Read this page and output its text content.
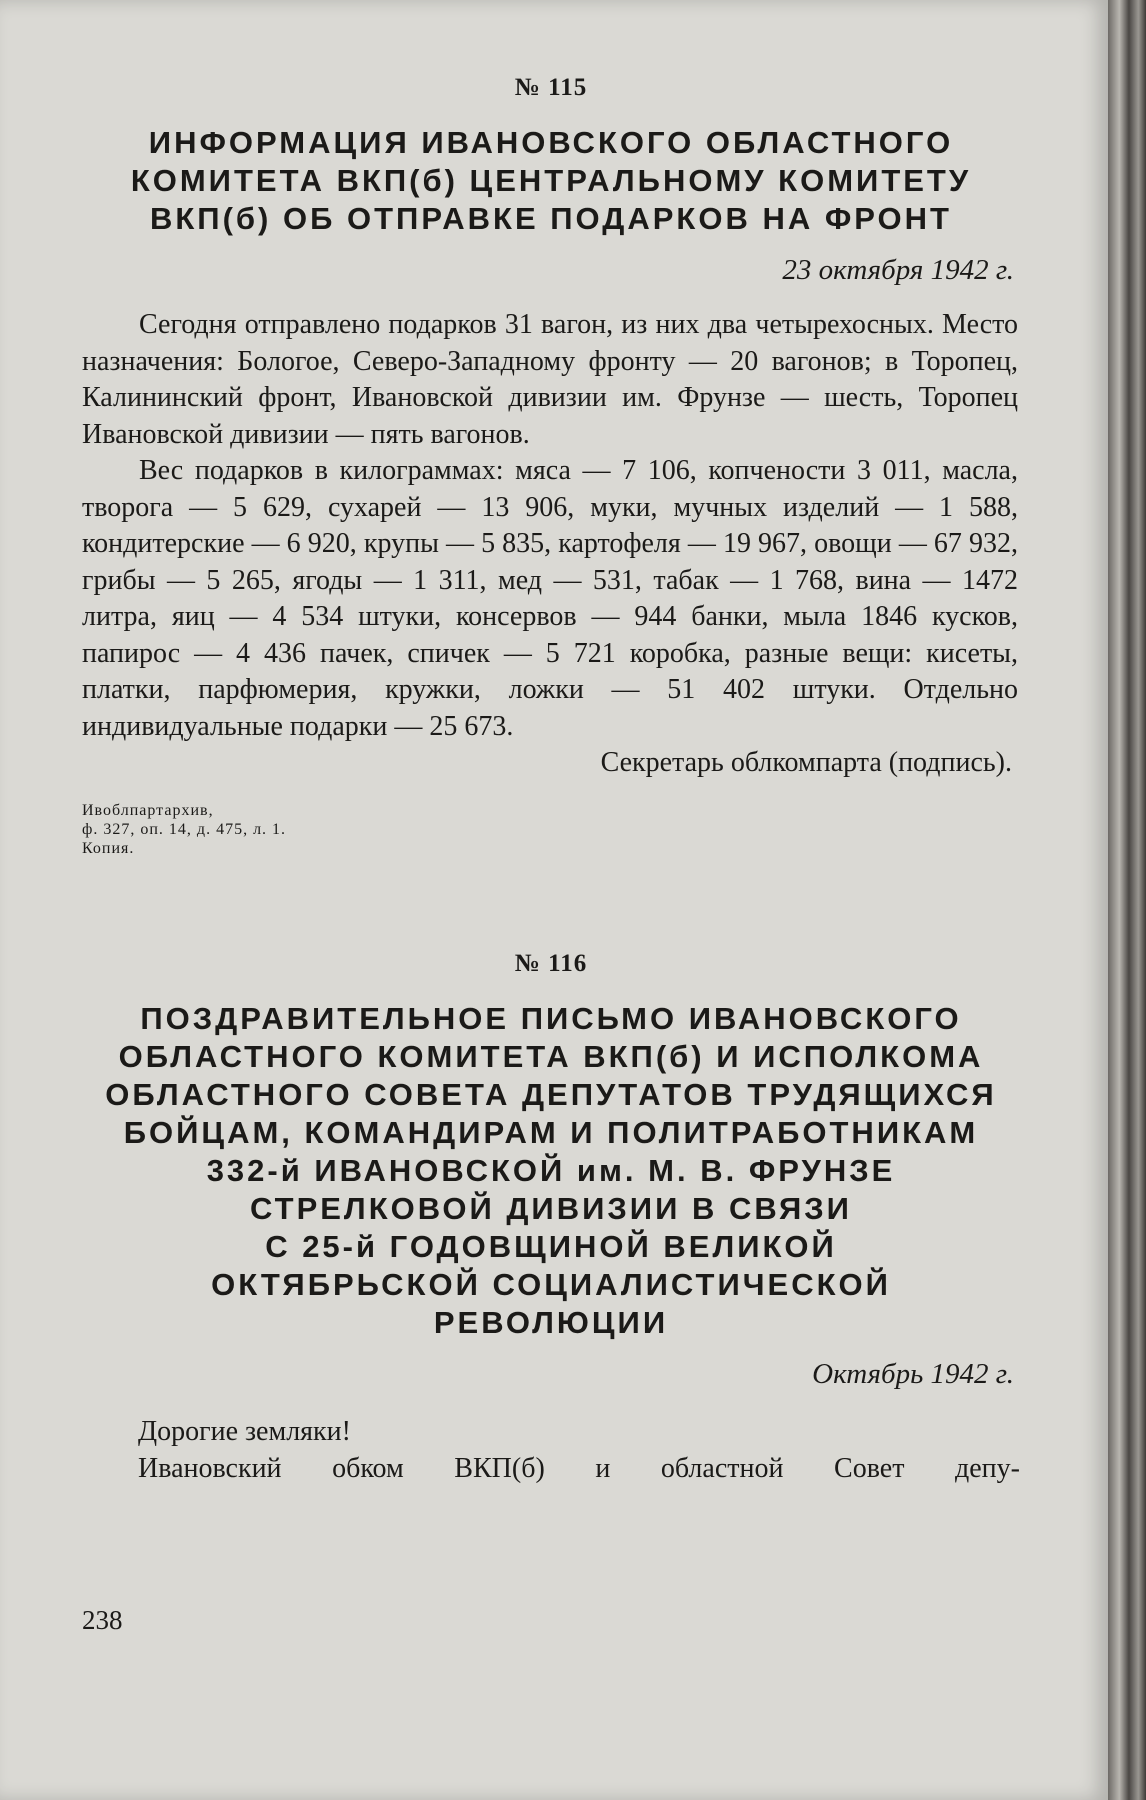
№ 115
ИНФОРМАЦИЯ ИВАНОВСКОГО ОБЛАСТНОГО
КОМИТЕТА ВКП(б) ЦЕНТРАЛЬНОМУ КОМИТЕТУ
ВКП(б) ОБ ОТПРАВКЕ ПОДАРКОВ НА ФРОНТ
23 октября 1942 г.

Сегодня отправлено подарков 31 вагон, из них два четырехосных. Место назначения: Бологое, Северо-Западному фронту — 20 вагонов; в Торопец, Калининский фронт, Ивановской дивизии им. Фрунзе — шесть, Торопец Ивановской дивизии — пять вагонов.

Вес подарков в килограммах: мяса — 7 106, копчености 3 011, масла, творога — 5 629, сухарей — 13 906, муки, мучных изделий — 1 588, кондитерские — 6 920, крупы — 5 835, картофеля — 19 967, овощи — 67 932, грибы — 5 265, ягоды — 1 311, мед — 531, табак — 1 768, вина — 1472 литра, яиц — 4 534 штуки, консервов — 944 банки, мыла 1846 кусков, папирос — 4 436 пачек, спичек — 5 721 коробка, разные вещи: кисеты, платки, парфюмерия, кружки, ложки — 51 402 штуки. Отдельно индивидуальные подарки — 25 673.

Секретарь облкомпарта (подпись).
Ивоблпартархив,
ф. 327, оп. 14, д. 475, л. 1.
Копия.
№ 116
ПОЗДРАВИТЕЛЬНОЕ ПИСЬМО ИВАНОВСКОГО
ОБЛАСТНОГО КОМИТЕТА ВКП(б) И ИСПОЛКОМА
ОБЛАСТНОГО СОВЕТА ДЕПУТАТОВ ТРУДЯЩИХСЯ
БОЙЦАМ, КОМАНДИРАМ И ПОЛИТРАБОТНИКАМ
332-й ИВАНОВСКОЙ им. М. В. ФРУНЗЕ
СТРЕЛКОВОЙ ДИВИЗИИ В СВЯЗИ
С 25-й ГОДОВЩИНОЙ ВЕЛИКОЙ
ОКТЯБРЬСКОЙ СОЦИАЛИСТИЧЕСКОЙ
РЕВОЛЮЦИИ
Октябрь 1942 г.

Дорогие земляки!

Ивановский обком ВКП(б) и областной Совет депу-

238
